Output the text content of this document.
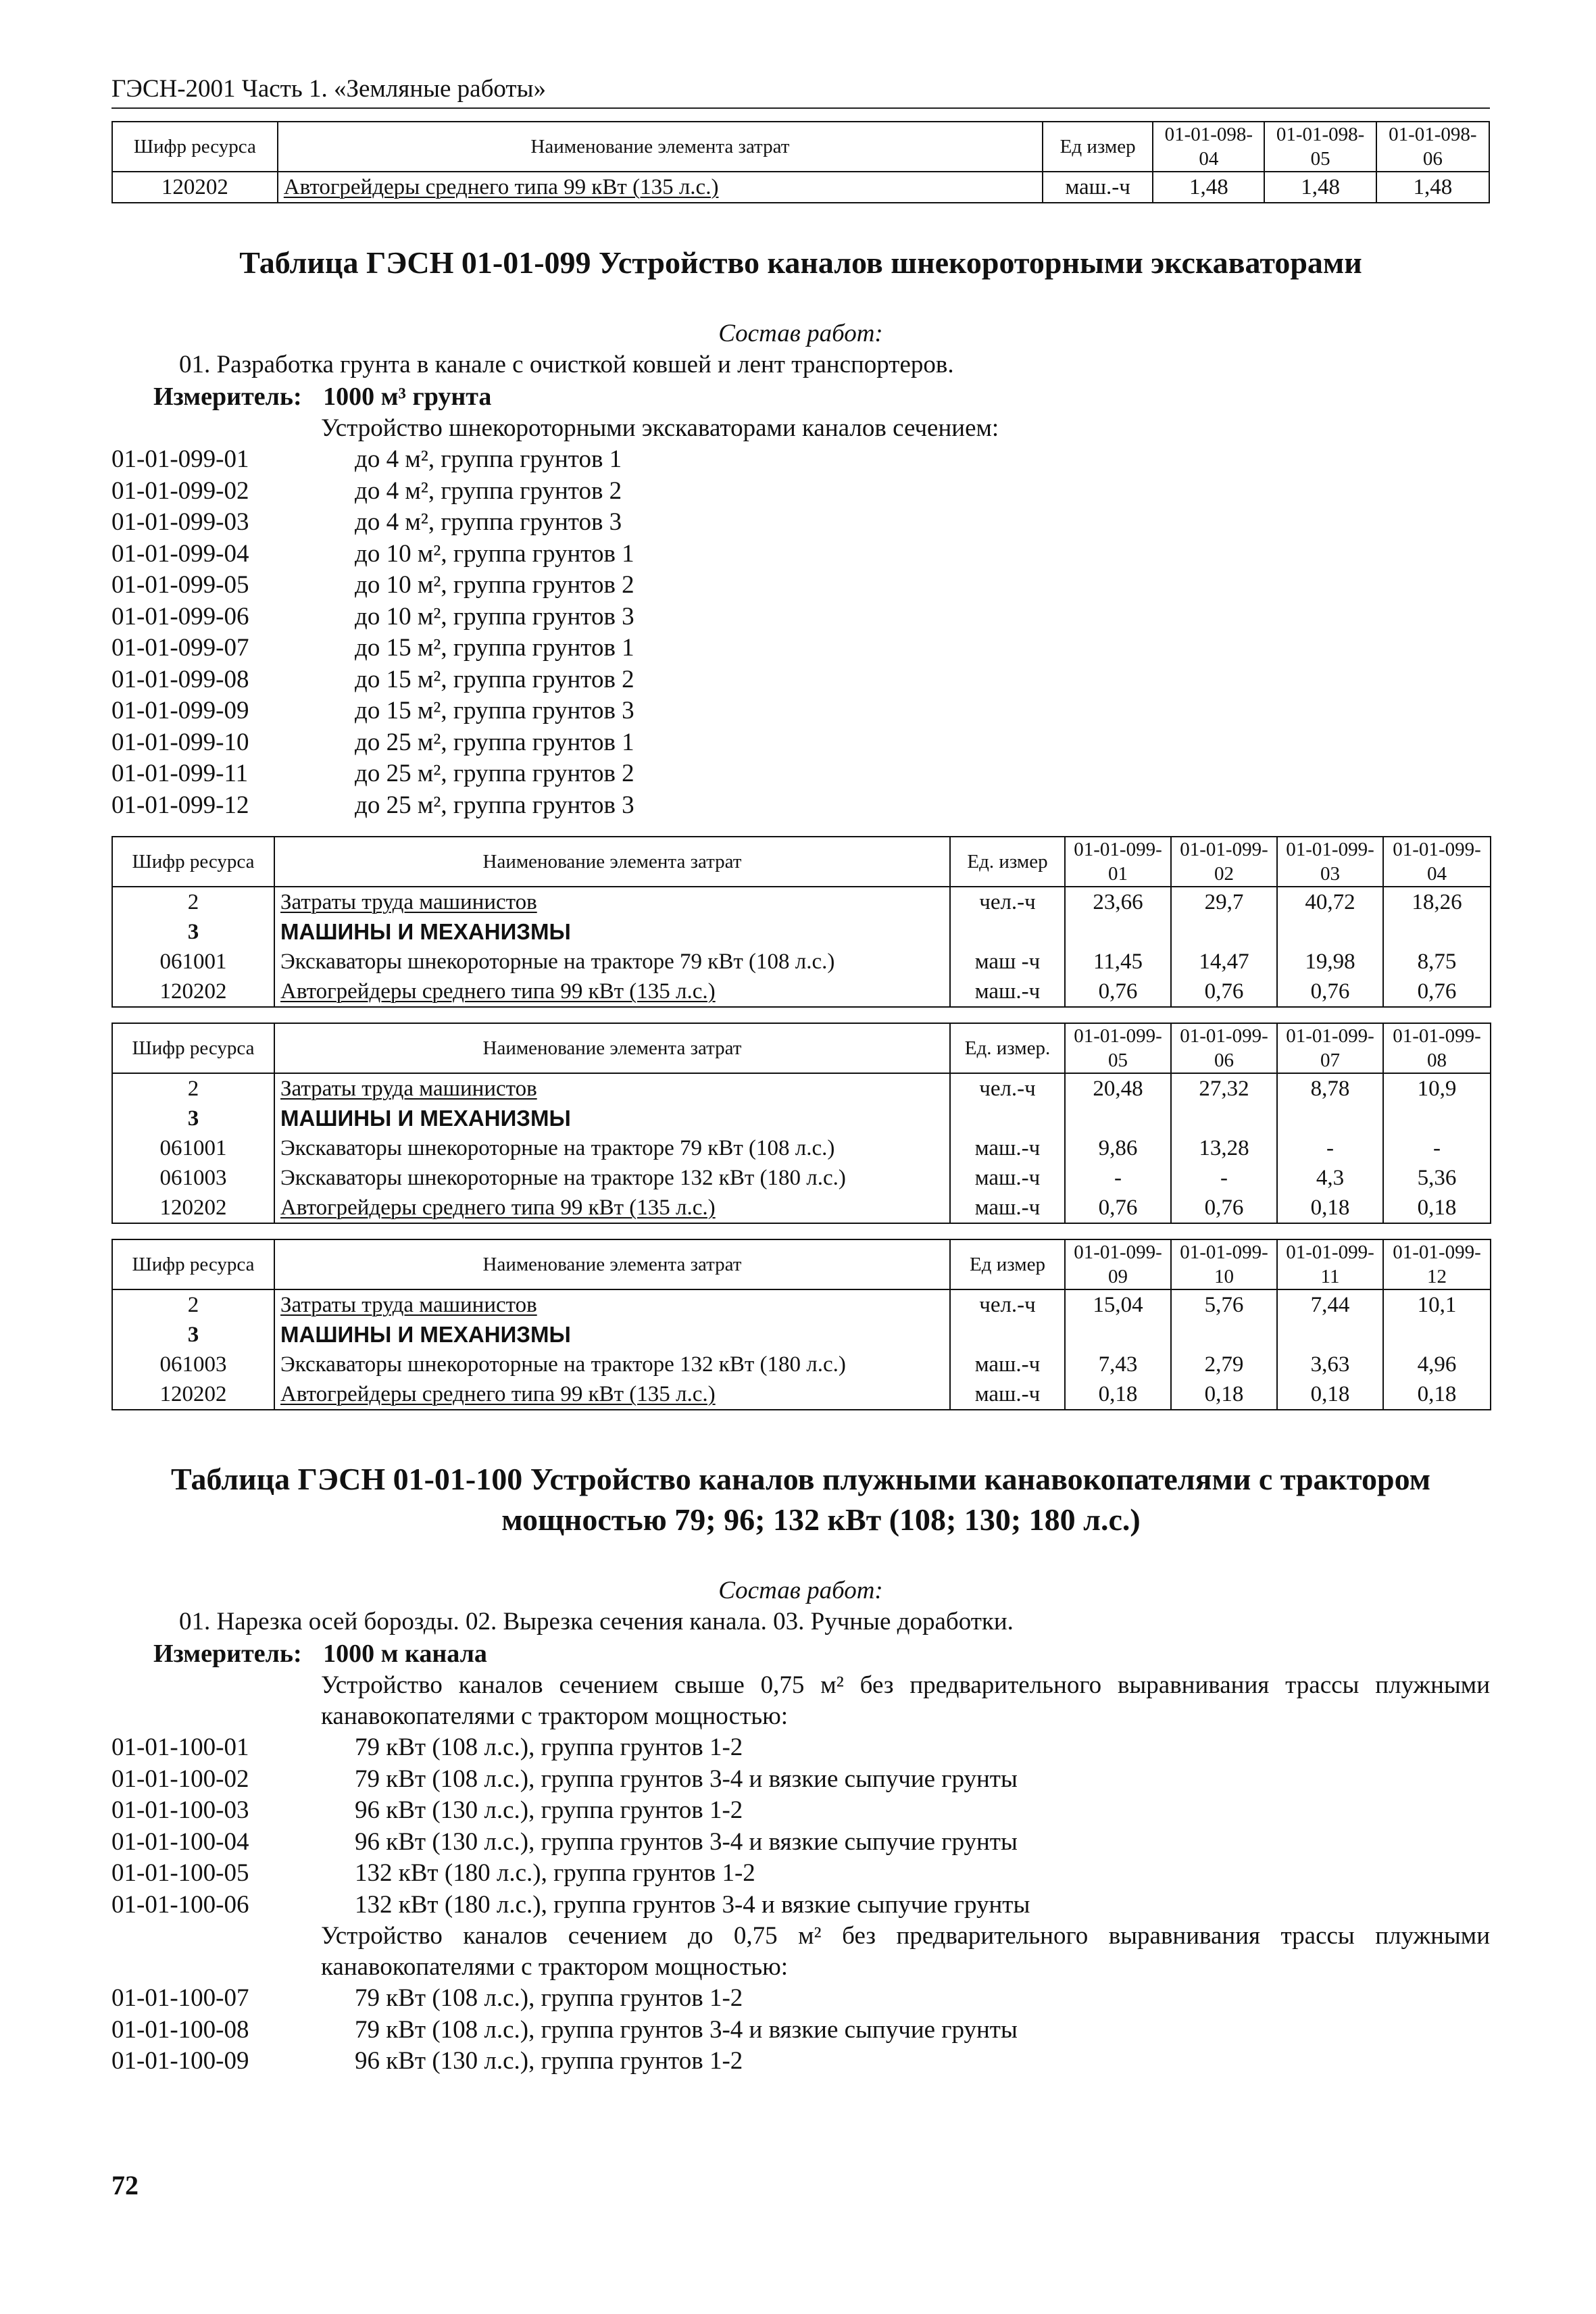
ГЭСН-2001 Часть 1. «Земляные работы»
Шифр ресурса	Наименование элемента затрат	Ед измер	01-01-098-04	01-01-098-05	01-01-098-06
120202	Автогрейдеры среднего типа 99 кВт (135 л.с.)	маш.-ч	1,48	1,48	1,48
Таблица ГЭСН 01-01-099 Устройство каналов шнекороторными экскаваторами
Состав работ:
01. Разработка грунта в канале с очисткой ковшей и лент транспортеров.
Измеритель: 1000 м³ грунта
Устройство шнекороторными экскаваторами каналов сечением:
01-01-099-01	до 4 м², группа грунтов 1
01-01-099-02	до 4 м², группа грунтов 2
01-01-099-03	до 4 м², группа грунтов 3
01-01-099-04	до 10 м², группа грунтов 1
01-01-099-05	до 10 м², группа грунтов 2
01-01-099-06	до 10 м², группа грунтов 3
01-01-099-07	до 15 м², группа грунтов 1
01-01-099-08	до 15 м², группа грунтов 2
01-01-099-09	до 15 м², группа грунтов 3
01-01-099-10	до 25 м², группа грунтов 1
01-01-099-11	до 25 м², группа грунтов 2
01-01-099-12	до 25 м², группа грунтов 3
Шифр ресурса	Наименование элемента затрат	Ед. измер	01-01-099-01	01-01-099-02	01-01-099-03	01-01-099-04
2	Затраты труда машинистов	чел.-ч	23,66	29,7	40,72	18,26
3	МАШИНЫ И МЕХАНИЗМЫ					
061001	Экскаваторы шнекороторные на тракторе 79 кВт (108 л.с.)	маш -ч	11,45	14,47	19,98	8,75
120202	Автогрейдеры среднего типа 99 кВт (135 л.с.)	маш.-ч	0,76	0,76	0,76	0,76
Шифр ресурса	Наименование элемента затрат	Ед. измер.	01-01-099-05	01-01-099-06	01-01-099-07	01-01-099-08
2	Затраты труда машинистов	чел.-ч	20,48	27,32	8,78	10,9
3	МАШИНЫ И МЕХАНИЗМЫ					
061001	Экскаваторы шнекороторные на тракторе 79 кВт (108 л.с.)	маш.-ч	9,86	13,28	-	-
061003	Экскаваторы шнекороторные на тракторе 132 кВт (180 л.с.)	маш.-ч	-	-	4,3	5,36
120202	Автогрейдеры среднего типа 99 кВт (135 л.с.)	маш.-ч	0,76	0,76	0,18	0,18
Шифр ресурса	Наименование элемента затрат	Ед измер	01-01-099-09	01-01-099-10	01-01-099-11	01-01-099-12
2	Затраты труда машинистов	чел.-ч	15,04	5,76	7,44	10,1
3	МАШИНЫ И МЕХАНИЗМЫ					
061003	Экскаваторы шнекороторные на тракторе 132 кВт (180 л.с.)	маш.-ч	7,43	2,79	3,63	4,96
120202	Автогрейдеры среднего типа 99 кВт (135 л.с.)	маш.-ч	0,18	0,18	0,18	0,18
Таблица ГЭСН 01-01-100 Устройство каналов плужными канавокопателями с трактором
мощностью 79; 96; 132 кВт (108; 130; 180 л.с.)
Состав работ:
01. Нарезка осей борозды. 02. Вырезка сечения канала. 03. Ручные доработки.
Измеритель: 1000 м канала
Устройство каналов сечением свыше 0,75 м² без предварительного выравнивания трассы плужными канавокопателями с трактором мощностью:
01-01-100-01	79 кВт (108 л.с.), группа грунтов 1-2
01-01-100-02	79 кВт (108 л.с.), группа грунтов 3-4 и вязкие сыпучие грунты
01-01-100-03	96 кВт (130 л.с.), группа грунтов 1-2
01-01-100-04	96 кВт (130 л.с.), группа грунтов 3-4 и вязкие сыпучие грунты
01-01-100-05	132 кВт (180 л.с.), группа грунтов 1-2
01-01-100-06	132 кВт (180 л.с.), группа грунтов 3-4 и вязкие сыпучие грунты
Устройство каналов сечением до 0,75 м² без предварительного выравнивания трассы плужными канавокопателями с трактором мощностью:
01-01-100-07	79 кВт (108 л.с.), группа грунтов 1-2
01-01-100-08	79 кВт (108 л.с.), группа грунтов 3-4 и вязкие сыпучие грунты
01-01-100-09	96 кВт (130 л.с.), группа грунтов 1-2
72
